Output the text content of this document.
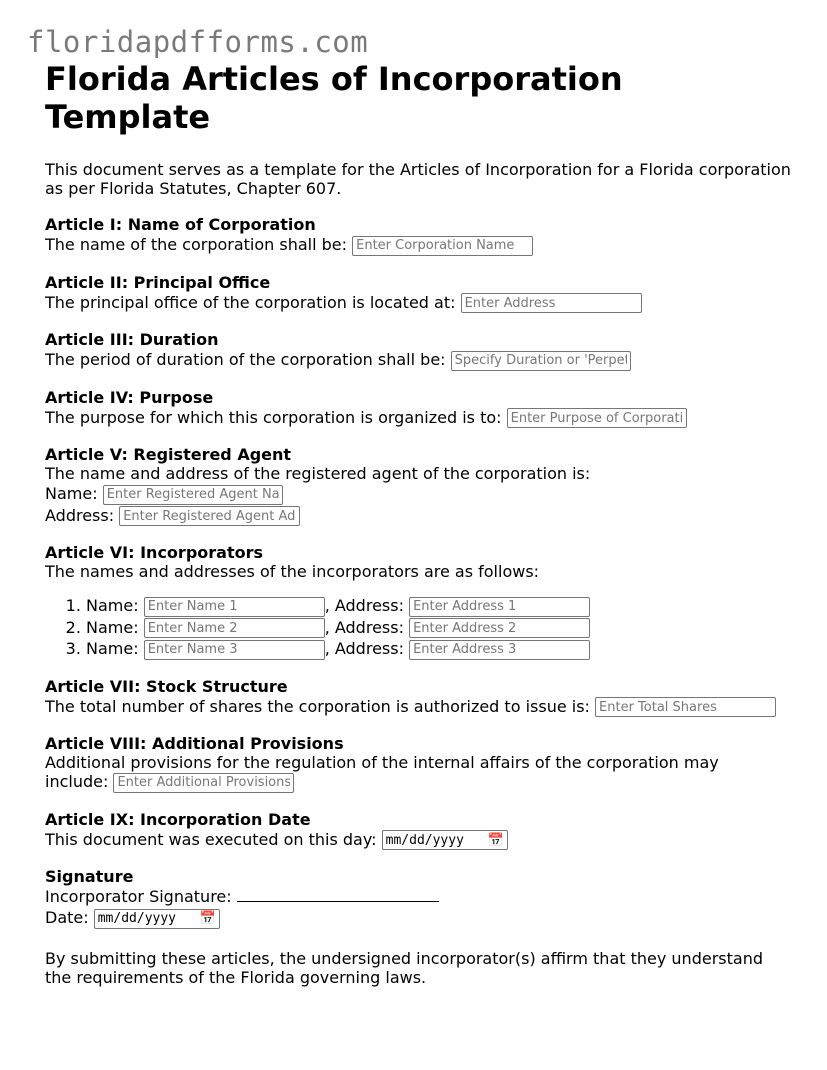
floridapdfforms.com
Florida Articles of Incorporation Template

This document serves as a template for the Articles of Incorporation for a Florida corporation as per Florida Statutes, Chapter 607.

Article I: Name of Corporation
The name of the corporation shall be: Enter Corporation Name
Article II: Principal Office
The principal office of the corporation is located at: Enter Address
Article III: Duration
The period of duration of the corporation shall be: Specify Duration or 'Perpetual'
Article IV: Purpose
The purpose for which this corporation is organized is to: Enter Purpose of Corporation
Article V: Registered Agent

The name and address of the registered agent of the corporation is:

Name: Enter Registered Agent Name
Address: Enter Registered Agent Address
Article VI: Incorporators

The names and addresses of the incorporators are as follows:

1. Name: Enter Name 1	, Address: Enter Address 1
2. Name: Enter Name 2	, Address: Enter Address 2
3. Name: Enter Name 3	, Address: Enter Address 3
Article VII: Stock Structure
The total number of shares the corporation is authorized to issue is: Enter Total Shares
Article VIII: Additional Provisions

Additional provisions for the regulation of the internal affairs of the corporation may include: Enter Additional Provisions

Article IX: Incorporation Date
This document was executed on this day: mm/dd/yyyy 📅
Signature
Incorporator Signature:
Date: mm/dd/yyyy 📅

By submitting these articles, the undersigned incorporator(s) affirm that they understand the requirements of the Florida governing laws.
